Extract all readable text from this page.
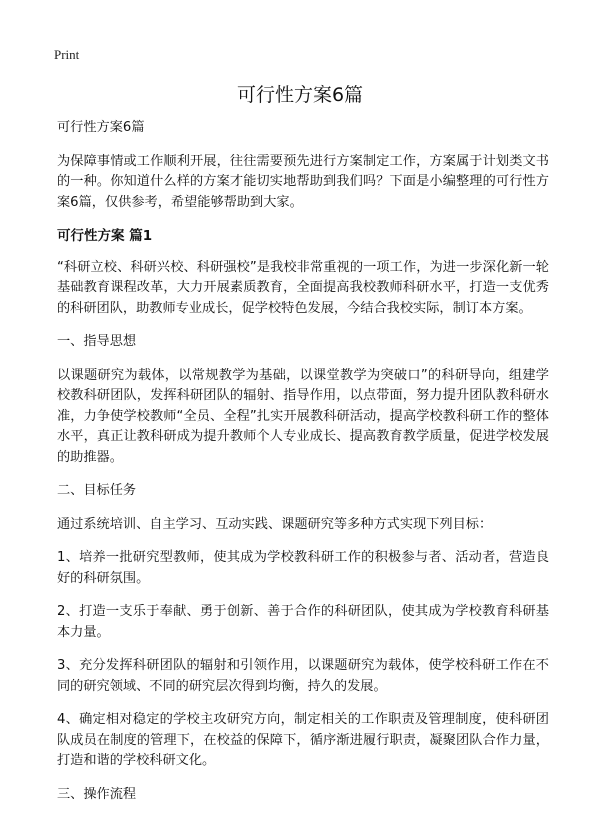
Print
可行性方案6篇

可行性方案6篇

为保障事情或工作顺利开展，往往需要预先进行方案制定工作，方案属于计划类文书的一种。你知道什么样的方案才能切实地帮助到我们吗？下面是小编整理的可行性方案6篇，仅供参考，希望能够帮助到大家。

可行性方案 篇1

“科研立校、科研兴校、科研强校”是我校非常重视的一项工作，为进一步深化新一轮基础教育课程改革，大力开展素质教育，全面提高我校教师科研水平，打造一支优秀的科研团队，助教师专业成长，促学校特色发展，今结合我校实际，制订本方案。

一、指导思想

以课题研究为载体，以常规教学为基础，以课堂教学为突破口”的科研导向，组建学校教科研团队，发挥科研团队的辐射、指导作用，以点带面，努力提升团队教科研水准，力争使学校教师“全员、全程”扎实开展教科研活动，提高学校教科研工作的整体水平，真正让教科研成为提升教师个人专业成长、提高教育教学质量，促进学校发展的助推器。

二、目标任务

通过系统培训、自主学习、互动实践、课题研究等多种方式实现下列目标：

1、培养一批研究型教师，使其成为学校教科研工作的积极参与者、活动者，营造良好的科研氛围。

2、打造一支乐于奉献、勇于创新、善于合作的科研团队，使其成为学校教育科研基本力量。

3、充分发挥科研团队的辐射和引领作用，以课题研究为载体，使学校科研工作在不同的研究领域、不同的研究层次得到均衡，持久的发展。

4、确定相对稳定的学校主攻研究方向，制定相关的工作职责及管理制度，使科研团队成员在制度的管理下，在校益的保障下，循序渐进履行职责，凝聚团队合作力量，打造和谐的学校科研文化。

三、操作流程
